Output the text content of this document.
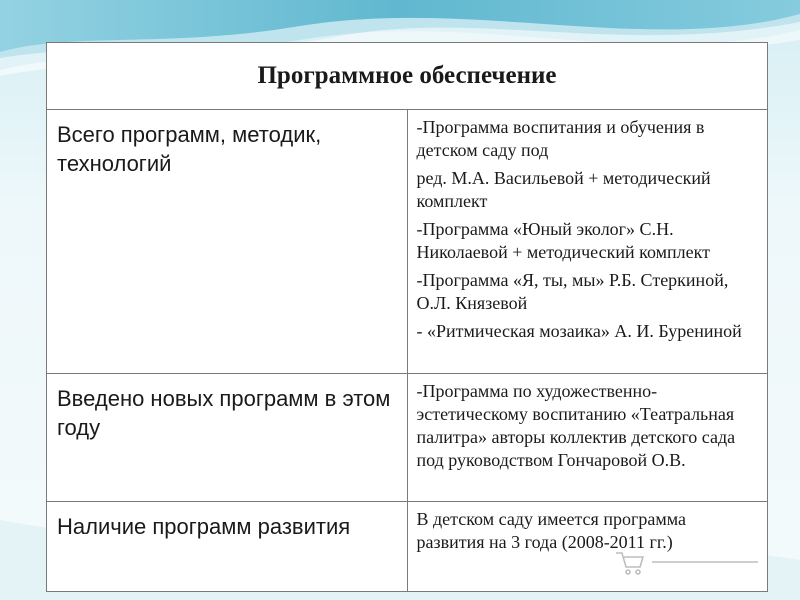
Программное обеспечение	
Всего программ, методик, технологий	-Программа воспитания и обучения в детском саду под

ред. М.А. Васильевой + методический комплект

-Программа «Юный эколог» С.Н. Николаевой + методический комплект

-Программа «Я, ты, мы» Р.Б. Стеркиной, О.Л. Князевой

- «Ритмическая мозаика» А. И. Бурениной

Введено новых программ в этом году	-Программа по художественно-эстетическому воспитанию «Театральная палитра» авторы коллектив детского сада под руководством Гончаровой О.В.

Наличие программ развития	В детском саду имеется программа развития на 3 года (2008-2011 гг.)
